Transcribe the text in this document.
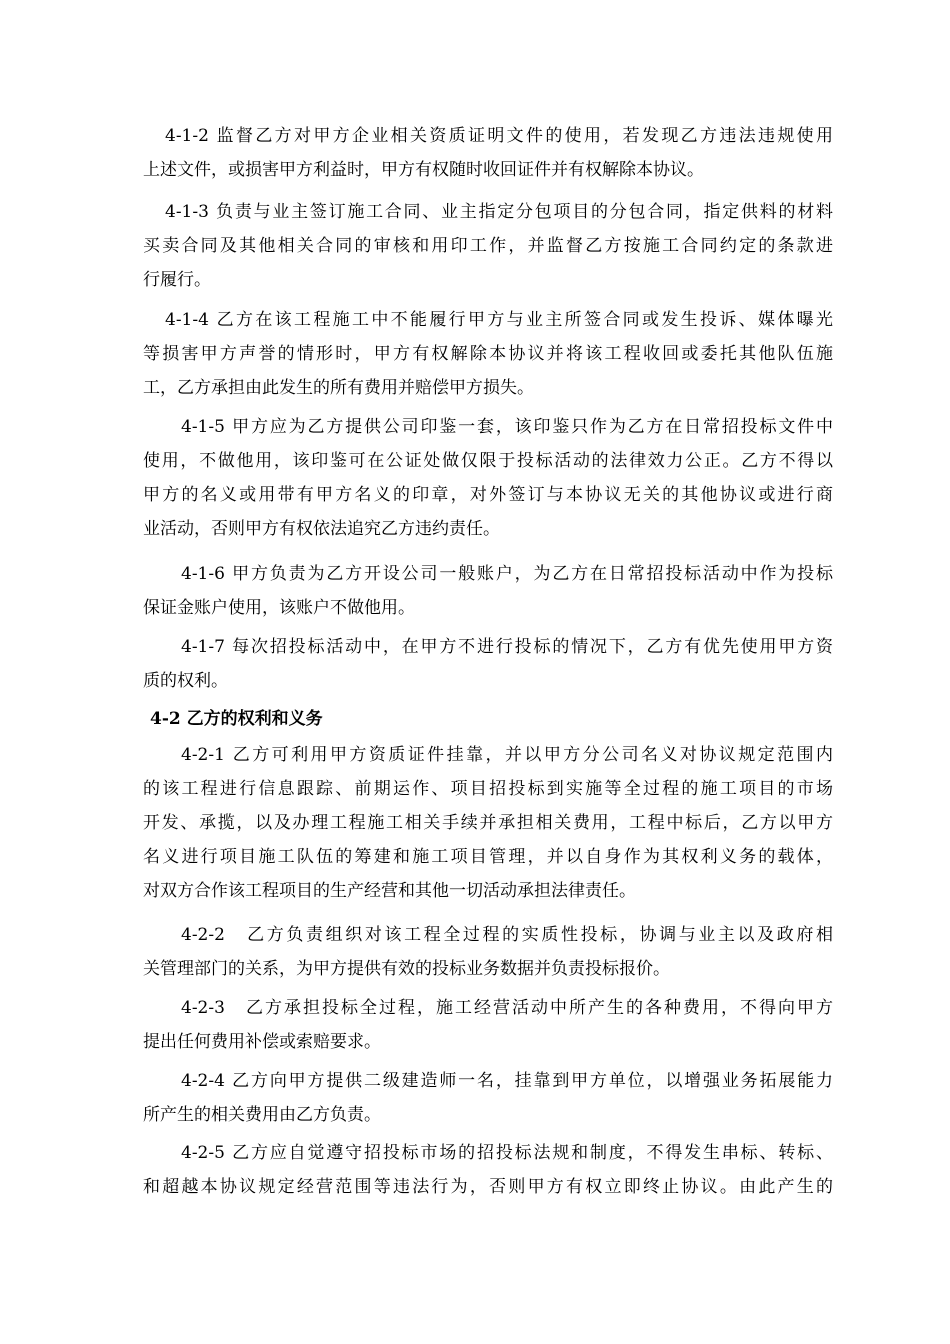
4-1-2 监督乙方对甲方企业相关资质证明文件的使用，若发现乙方违法违规使用
上述文件，或损害甲方利益时，甲方有权随时收回证件并有权解除本协议。
4-1-3 负责与业主签订施工合同、业主指定分包项目的分包合同，指定供料的材料
买卖合同及其他相关合同的审核和用印工作，并监督乙方按施工合同约定的条款进
行履行。
4-1-4 乙方在该工程施工中不能履行甲方与业主所签合同或发生投诉、媒体曝光
等损害甲方声誉的情形时，甲方有权解除本协议并将该工程收回或委托其他队伍施
工，乙方承担由此发生的所有费用并赔偿甲方损失。
4-1-5 甲方应为乙方提供公司印鉴一套，该印鉴只作为乙方在日常招投标文件中
使用，不做他用，该印鉴可在公证处做仅限于投标活动的法律效力公正。乙方不得以
甲方的名义或用带有甲方名义的印章，对外签订与本协议无关的其他协议或进行商
业活动，否则甲方有权依法追究乙方违约责任。
4-1-6 甲方负责为乙方开设公司一般账户，为乙方在日常招投标活动中作为投标
保证金账户使用，该账户不做他用。
4-1-7 每次招投标活动中，在甲方不进行投标的情况下，乙方有优先使用甲方资
质的权利。
4-2 乙方的权利和义务
4-2-1 乙方可利用甲方资质证件挂靠，并以甲方分公司名义对协议规定范围内
的该工程进行信息跟踪、前期运作、项目招投标到实施等全过程的施工项目的市场
开发、承揽，以及办理工程施工相关手续并承担相关费用，工程中标后，乙方以甲方
名义进行项目施工队伍的筹建和施工项目管理，并以自身作为其权利义务的载体，
对双方合作该工程项目的生产经营和其他一切活动承担法律责任。
4-2-2　乙方负责组织对该工程全过程的实质性投标，协调与业主以及政府相
关管理部门的关系，为甲方提供有效的投标业务数据并负责投标报价。
4-2-3　乙方承担投标全过程，施工经营活动中所产生的各种费用，不得向甲方
提出任何费用补偿或索赔要求。
4-2-4 乙方向甲方提供二级建造师一名，挂靠到甲方单位，以增强业务拓展能力
所产生的相关费用由乙方负责。
4-2-5 乙方应自觉遵守招投标市场的招投标法规和制度，不得发生串标、转标、
和超越本协议规定经营范围等违法行为，否则甲方有权立即终止协议。由此产生的
